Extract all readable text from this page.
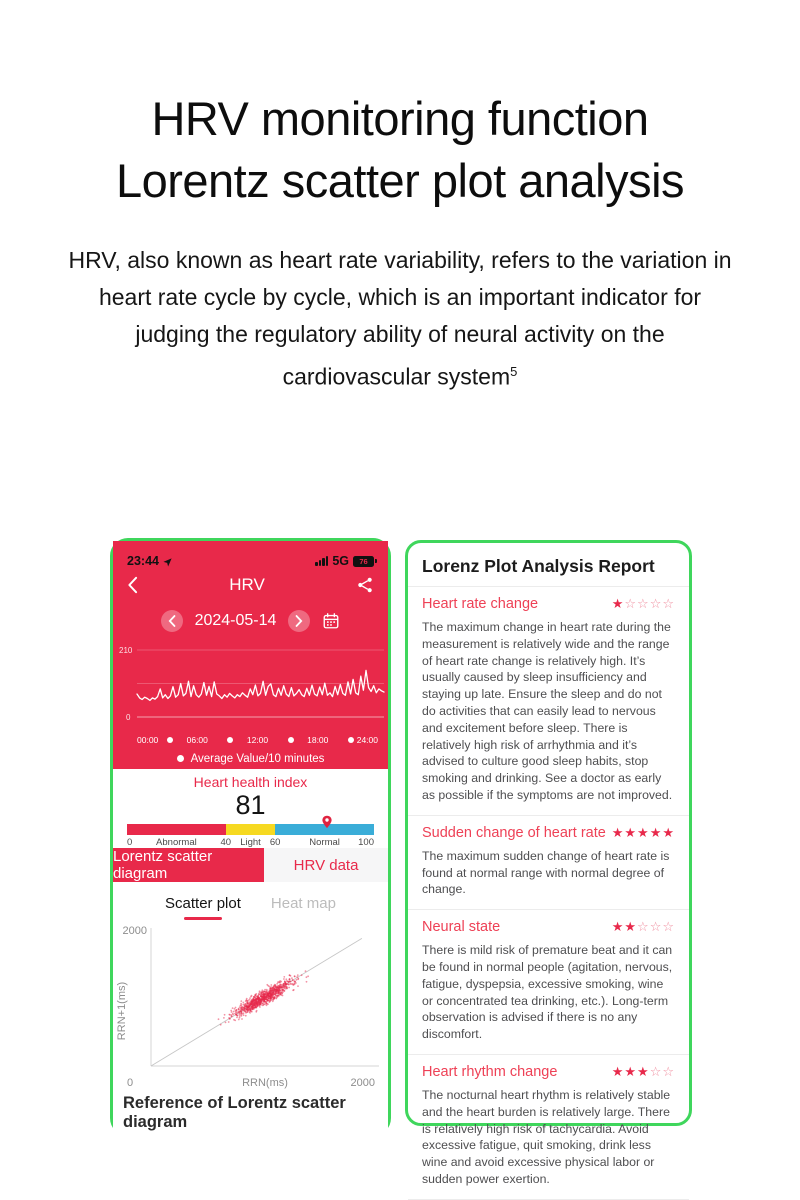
HRV monitoring function
Lorentz scatter plot analysis

HRV, also known as heart rate variability, refers to the variation in heart rate cycle by cycle, which is an important indicator for judging the regulatory ability of neural activity on the cardiovascular system$^5$

23:44	5G	76
HRV
2024-05-14
210
0
00:00	06:00	12:00	18:00	24:00
Average Value/10 minutes
Heart health index
81
0	Abnormal	40 Light 60	Normal 100
Lorentz scatter diagram	HRV data
Scatter plot Heat map
2000
0	RRN(ms)	2000
RRN+1(ms)
Reference of Lorentz scatter diagram
Lorenz Plot Analysis Report
Heart rate change	★☆☆☆☆
The maximum change in heart rate during the measurement is relatively wide and the range of heart rate change is relatively high. It’s usually caused by sleep insufficiency and staying up late. Ensure the sleep and do not do activities that can easily lead to nervous and excitement before sleep. There is relatively high risk of arrhythmia and it’s advised to culture good sleep habits, stop smoking and drinking. See a doctor as early as possible if the symptoms are not improved.
Sudden change of heart rate ★★★★★
The maximum sudden change of heart rate is found at normal range with normal degree of change.
Neural state	★★☆☆☆
There is mild risk of premature beat and it can be found in normal people (agitation, nervous, fatigue, dyspepsia, excessive smoking, wine or concentrated tea drinking, etc.). Long-term observation is advised if there is no any discomfort.
Heart rhythm change	★★★☆☆
The nocturnal heart rhythm is relatively stable and the heart burden is relatively large. There is relatively high risk of tachycardia. Avoid excessive fatigue, quit smoking, drink less wine and avoid excessive physical labor or sudden power exertion.
